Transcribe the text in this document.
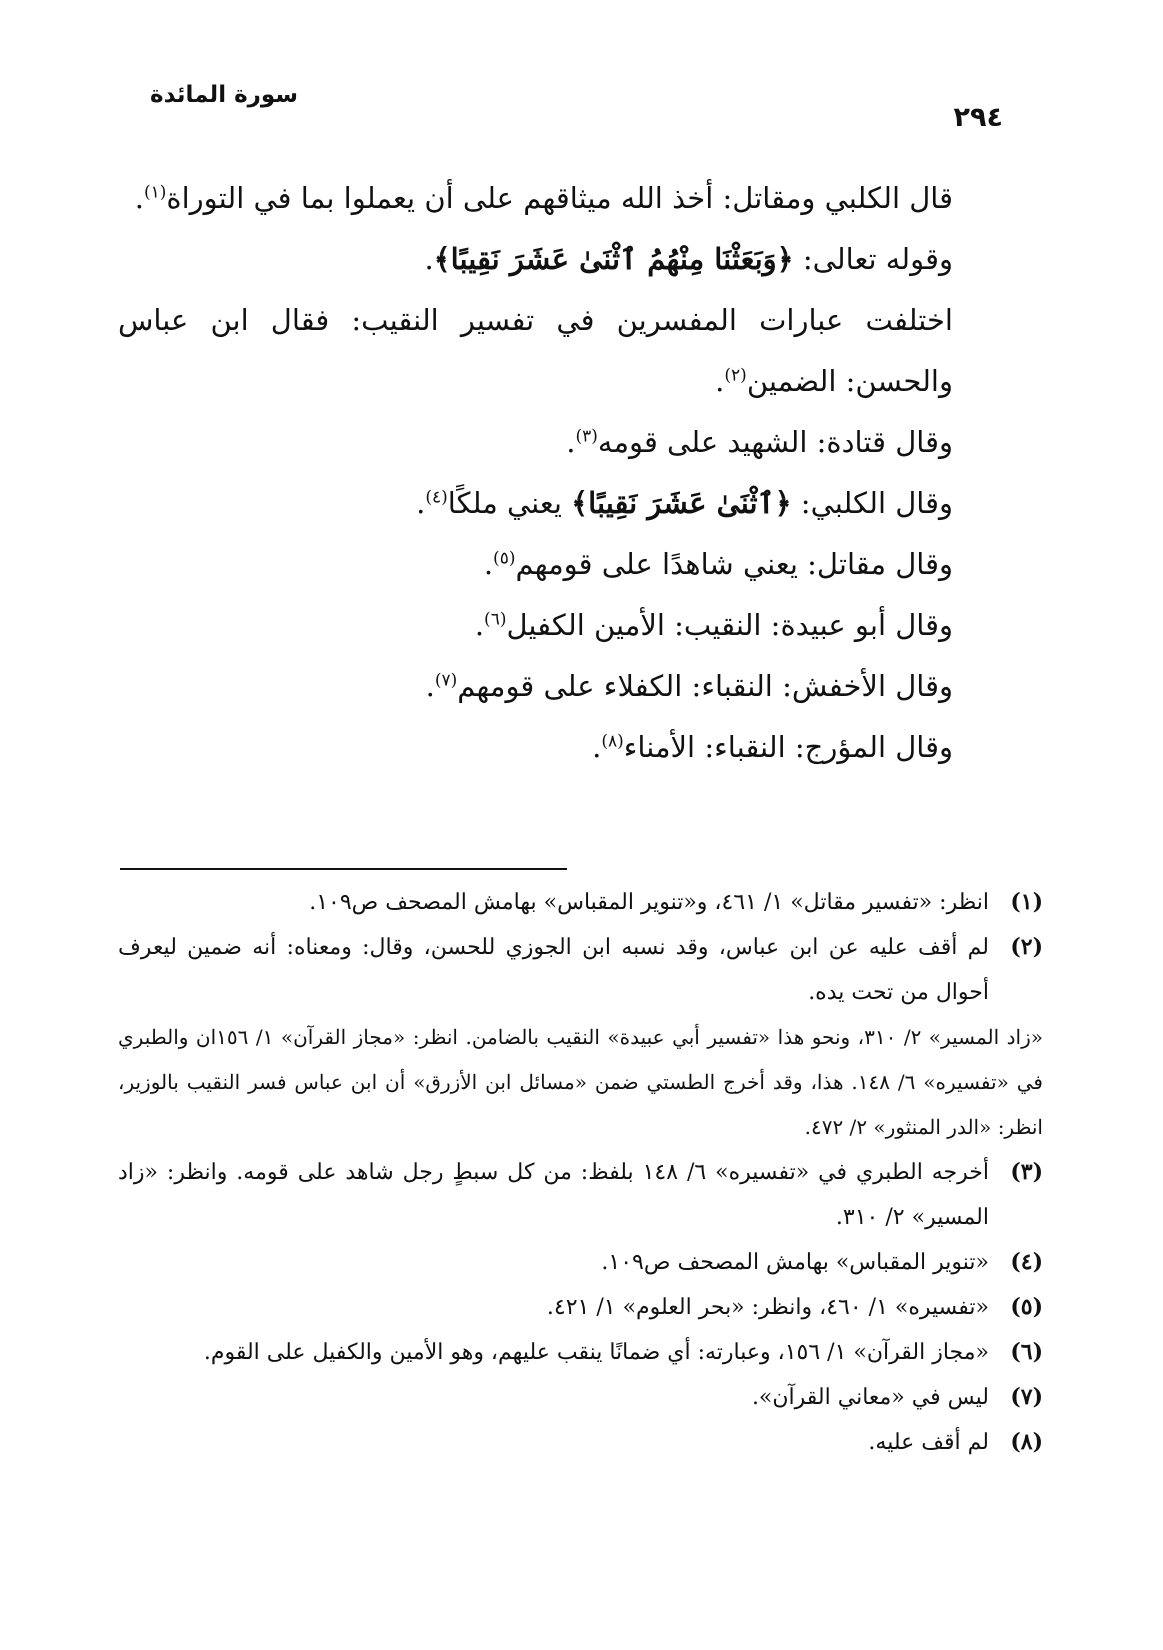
٢٩٤
سورة المائدة

قال الكلبي ومقاتل: أخذ الله ميثاقهم على أن يعملوا بما في التوراة$^{(١)}$.

وقوله تعالى: ﴿وَبَعَثْنَا مِنْهُمُ ٱثْنَىٰ عَشَرَ نَقِيبًا﴾.

اختلفت عبارات المفسرين في تفسير النقيب: فقال ابن عباس والحسن: الضمين$^{(٢)}$.

وقال قتادة: الشهيد على قومه$^{(٣)}$.

وقال الكلبي: ﴿ٱثْنَىٰ عَشَرَ نَقِيبًا﴾ يعني ملكًا$^{(٤)}$.

وقال مقاتل: يعني شاهدًا على قومهم$^{(٥)}$.

وقال أبو عبيدة: النقيب: الأمين الكفيل$^{(٦)}$.

وقال الأخفش: النقباء: الكفلاء على قومهم$^{(٧)}$.

وقال المؤرج: النقباء: الأمناء$^{(٨)}$.

(١)
انظر: «تفسير مقاتل» ١/ ٤٦١، و«تنوير المقباس» بهامش المصحف ص١٠٩.
(٢)
لم أقف عليه عن ابن عباس، وقد نسبه ابن الجوزي للحسن، وقال: ومعناه: أنه ضمين ليعرف أحوال من تحت يده.
«زاد المسير» ٢/ ٣١٠، ونحو هذا «تفسير أبي عبيدة» النقيب بالضامن. انظر: «مجاز القرآن» ١/ ١٥٦ان والطبري في «تفسيره» ٦/ ١٤٨. هذا، وقد أخرج الطستي ضمن «مسائل ابن الأزرق» أن ابن عباس فسر النقيب بالوزير، انظر: «الدر المنثور» ٢/ ٤٧٢.
(٣)
أخرجه الطبري في «تفسيره» ٦/ ١٤٨ بلفظ: من كل سبطٍ رجل شاهد على قومه. وانظر: «زاد المسير» ٢/ ٣١٠.
(٤)
«تنوير المقباس» بهامش المصحف ص١٠٩.
(٥)
«تفسيره» ١/ ٤٦٠، وانظر: «بحر العلوم» ١/ ٤٢١.
(٦)
«مجاز القرآن» ١/ ١٥٦، وعبارته: أي ضمانًا ينقب عليهم، وهو الأمين والكفيل على القوم.
(٧)
ليس في «معاني القرآن».
(٨)
لم أقف عليه.
